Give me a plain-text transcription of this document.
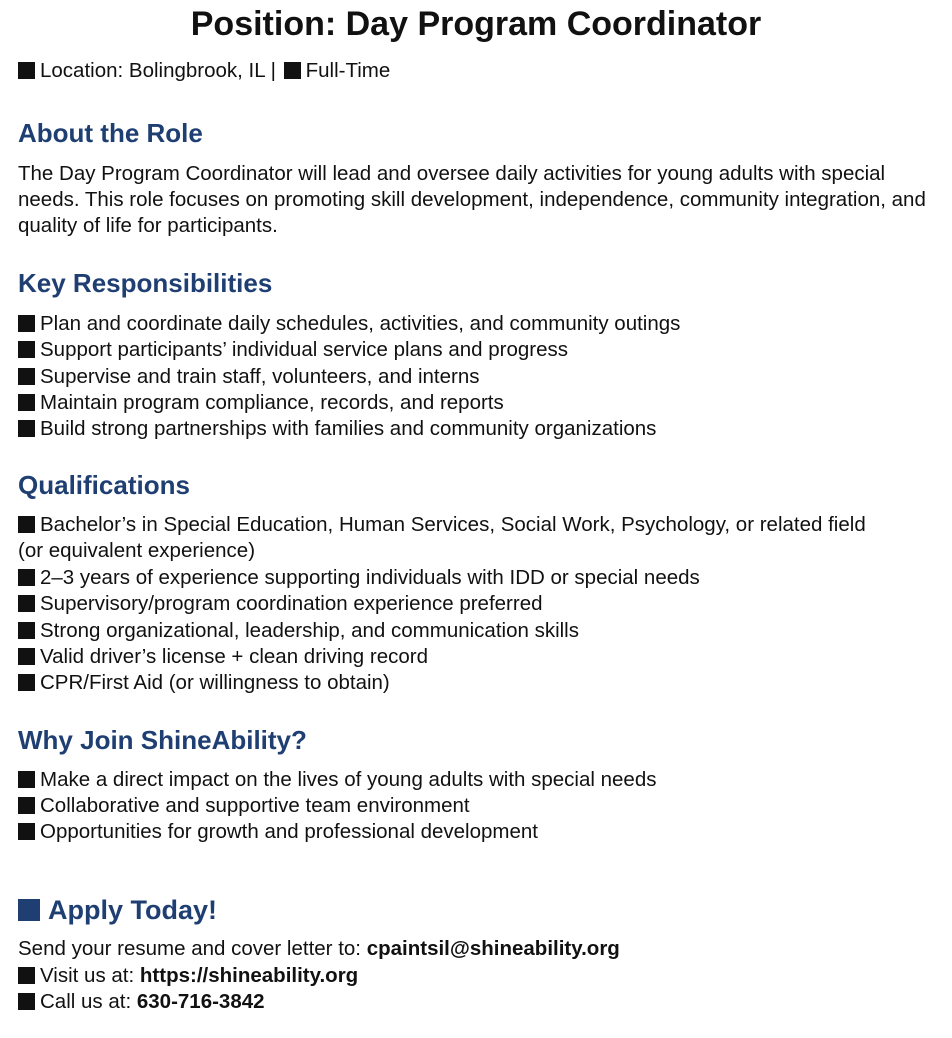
Position: Day Program Coordinator
Location: Bolingbrook, IL | Full-Time
About the Role
The Day Program Coordinator will lead and oversee daily activities for young adults with special needs. This role focuses on promoting skill development, independence, community integration, and quality of life for participants.
Key Responsibilities
Plan and coordinate daily schedules, activities, and community outings
Support participants’ individual service plans and progress
Supervise and train staff, volunteers, and interns
Maintain program compliance, records, and reports
Build strong partnerships with families and community organizations
Qualifications
Bachelor’s in Special Education, Human Services, Social Work, Psychology, or related field
(or equivalent experience)
2–3 years of experience supporting individuals with IDD or special needs
Supervisory/program coordination experience preferred
Strong organizational, leadership, and communication skills
Valid driver’s license + clean driving record
CPR/First Aid (or willingness to obtain)
Why Join ShineAbility?
Make a direct impact on the lives of young adults with special needs
Collaborative and supportive team environment
Opportunities for growth and professional development
Apply Today!
Send your resume and cover letter to: cpaintsil@shineability.org
Visit us at: https://shineability.org
Call us at: 630-716-3842
